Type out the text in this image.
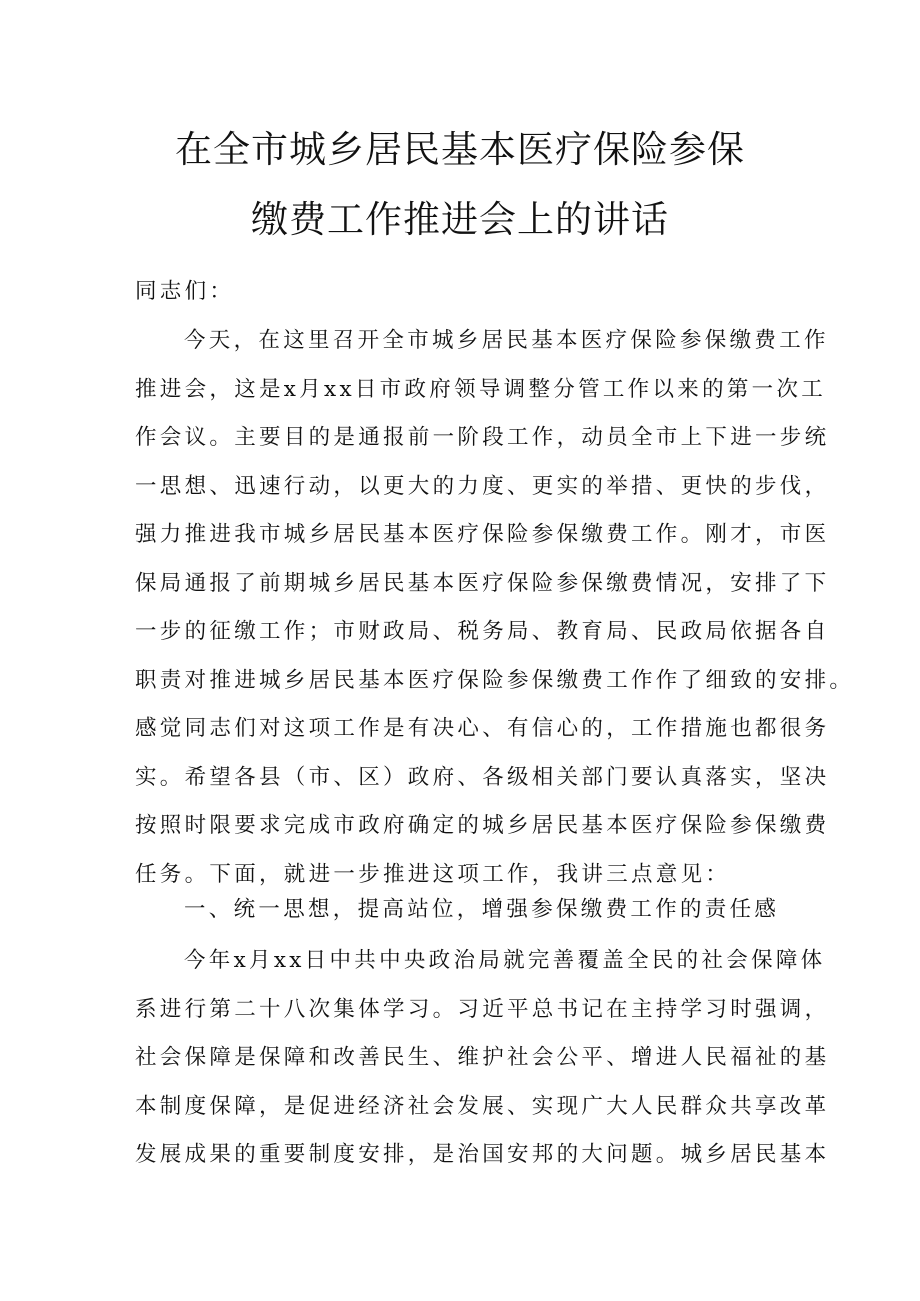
在全市城乡居民基本医疗保险参保
缴费工作推进会上的讲话
同志们：
今天，在这里召开全市城乡居民基本医疗保险参保缴费工作
推进会，这是x月xx日市政府领导调整分管工作以来的第一次工
作会议。主要目的是通报前一阶段工作，动员全市上下进一步统
一思想、迅速行动，以更大的力度、更实的举措、更快的步伐，
强力推进我市城乡居民基本医疗保险参保缴费工作。刚才，市医
保局通报了前期城乡居民基本医疗保险参保缴费情况，安排了下
一步的征缴工作；市财政局、税务局、教育局、民政局依据各自
职责对推进城乡居民基本医疗保险参保缴费工作作了细致的安排。
感觉同志们对这项工作是有决心、有信心的，工作措施也都很务
实。希望各县（市、区）政府、各级相关部门要认真落实，坚决
按照时限要求完成市政府确定的城乡居民基本医疗保险参保缴费
任务。下面，就进一步推进这项工作，我讲三点意见：
一、统一思想，提高站位，增强参保缴费工作的责任感
今年x月xx日中共中央政治局就完善覆盖全民的社会保障体
系进行第二十八次集体学习。习近平总书记在主持学习时强调，
社会保障是保障和改善民生、维护社会公平、增进人民福祉的基
本制度保障，是促进经济社会发展、实现广大人民群众共享改革
发展成果的重要制度安排，是治国安邦的大问题。城乡居民基本
